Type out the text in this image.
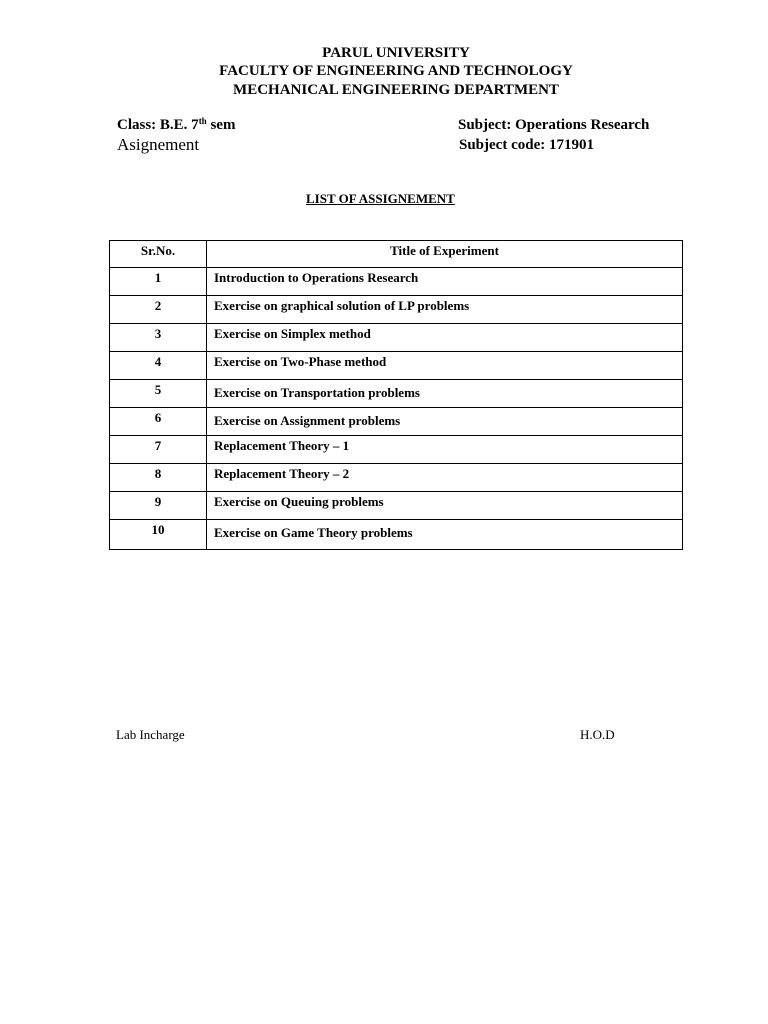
PARUL UNIVERSITY
FACULTY OF ENGINEERING AND TECHNOLOGY
MECHANICAL ENGINEERING DEPARTMENT
Class: B.E. 7th sem	Subject: Operations Research
Asignement	Subject code: 171901
LIST OF ASSIGNEMENT
Sr.No.	Title of Experiment
1	Introduction to Operations Research
2	Exercise on graphical solution of LP problems
3	Exercise on Simplex method
4	Exercise on Two-Phase method
5	Exercise on Transportation problems
6	Exercise on Assignment problems
7	Replacement Theory – 1
8	Replacement Theory – 2
9	Exercise on Queuing problems
10	Exercise on Game Theory problems
Lab Incharge	H.O.D
